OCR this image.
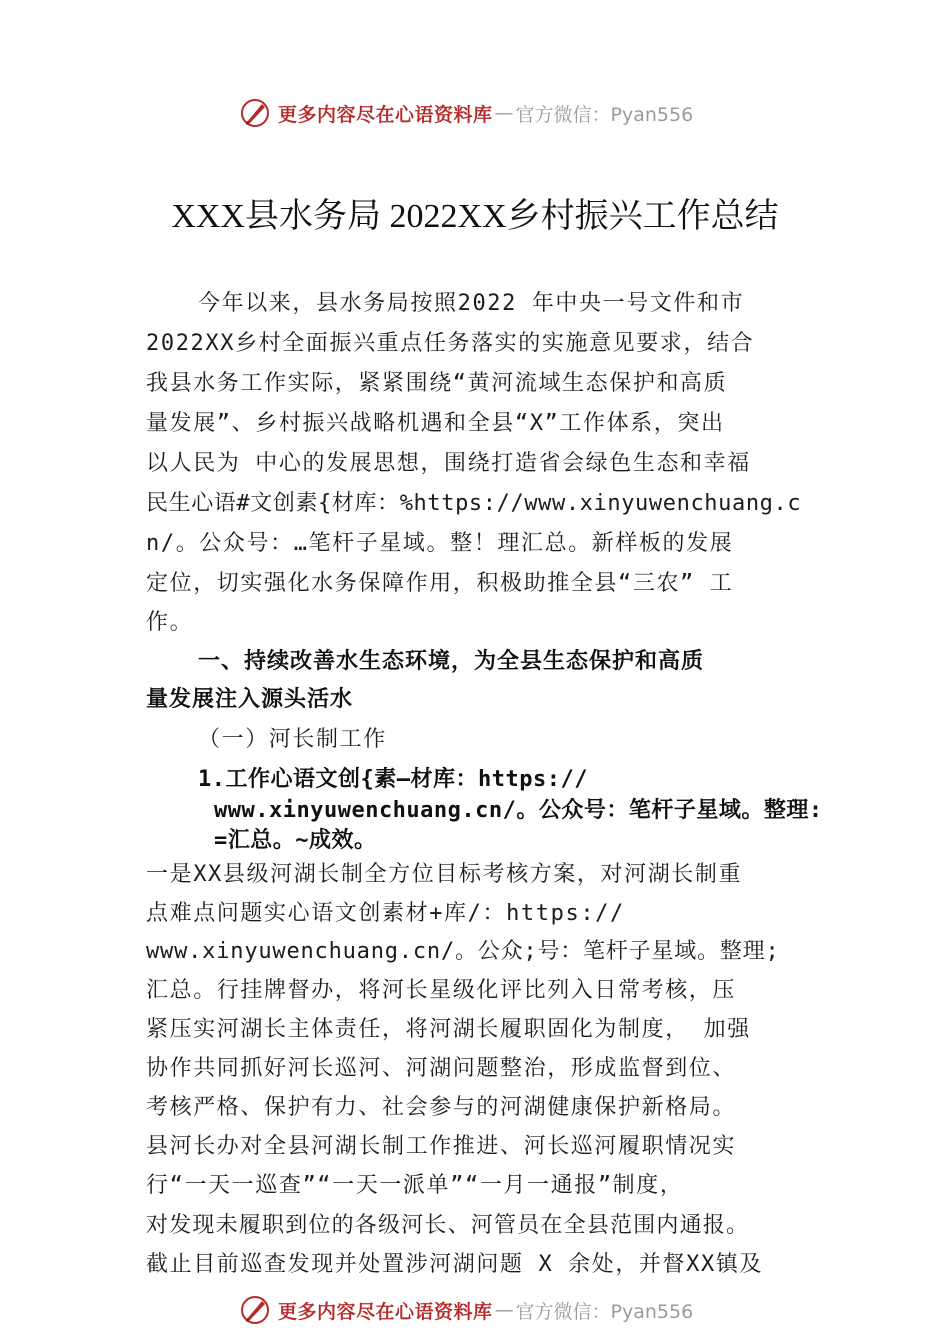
更多内容尽在心语资料库 — 官方微信：Pyan556
XXX县水务局 2022XX乡村振兴工作总结
今年以来，县水务局按照2022 年中央一号文件和市
2022XX乡村全面振兴重点任务落实的实施意见要求，结合
我县水务工作实际，紧紧围绕“黄河流域生态保护和高质
量发展”、乡村振兴战略机遇和全县“X”工作体系，突出
以人民为 中心的发展思想，围绕打造省会绿色生态和幸福
民生心语#文创素{材库：%https://www.xinyuwenchuang.c
n/。公众号：…笔杆子星域。整！理汇总。新样板的发展
定位，切实强化水务保障作用，积极助推全县“三农” 工
作。
一、持续改善水生态环境，为全县生态保护和高质
量发展注入源头活水
（一）河长制工作
1.工作心语文创{素—材库：https://
www.xinyuwenchuang.cn/。公众号：笔杆子星域。整理:
=汇总。~成效。
一是XX县级河湖长制全方位目标考核方案，对河湖长制重
点难点问题实心语文创素材+库/：https://
www.xinyuwenchuang.cn/。公众;号：笔杆子星域。整理;
汇总。行挂牌督办，将河长星级化评比列入日常考核，压
紧压实河湖长主体责任，将河湖长履职固化为制度， 加强
协作共同抓好河长巡河、河湖问题整治，形成监督到位、
考核严格、保护有力、社会参与的河湖健康保护新格局。
县河长办对全县河湖长制工作推进、河长巡河履职情况实
行“一天一巡查”“一天一派单”“一月一通报”制度，
对发现未履职到位的各级河长、河管员在全县范围内通报。
截止目前巡查发现并处置涉河湖问题 X 余处，并督XX镇及
更多内容尽在心语资料库 — 官方微信：Pyan556
